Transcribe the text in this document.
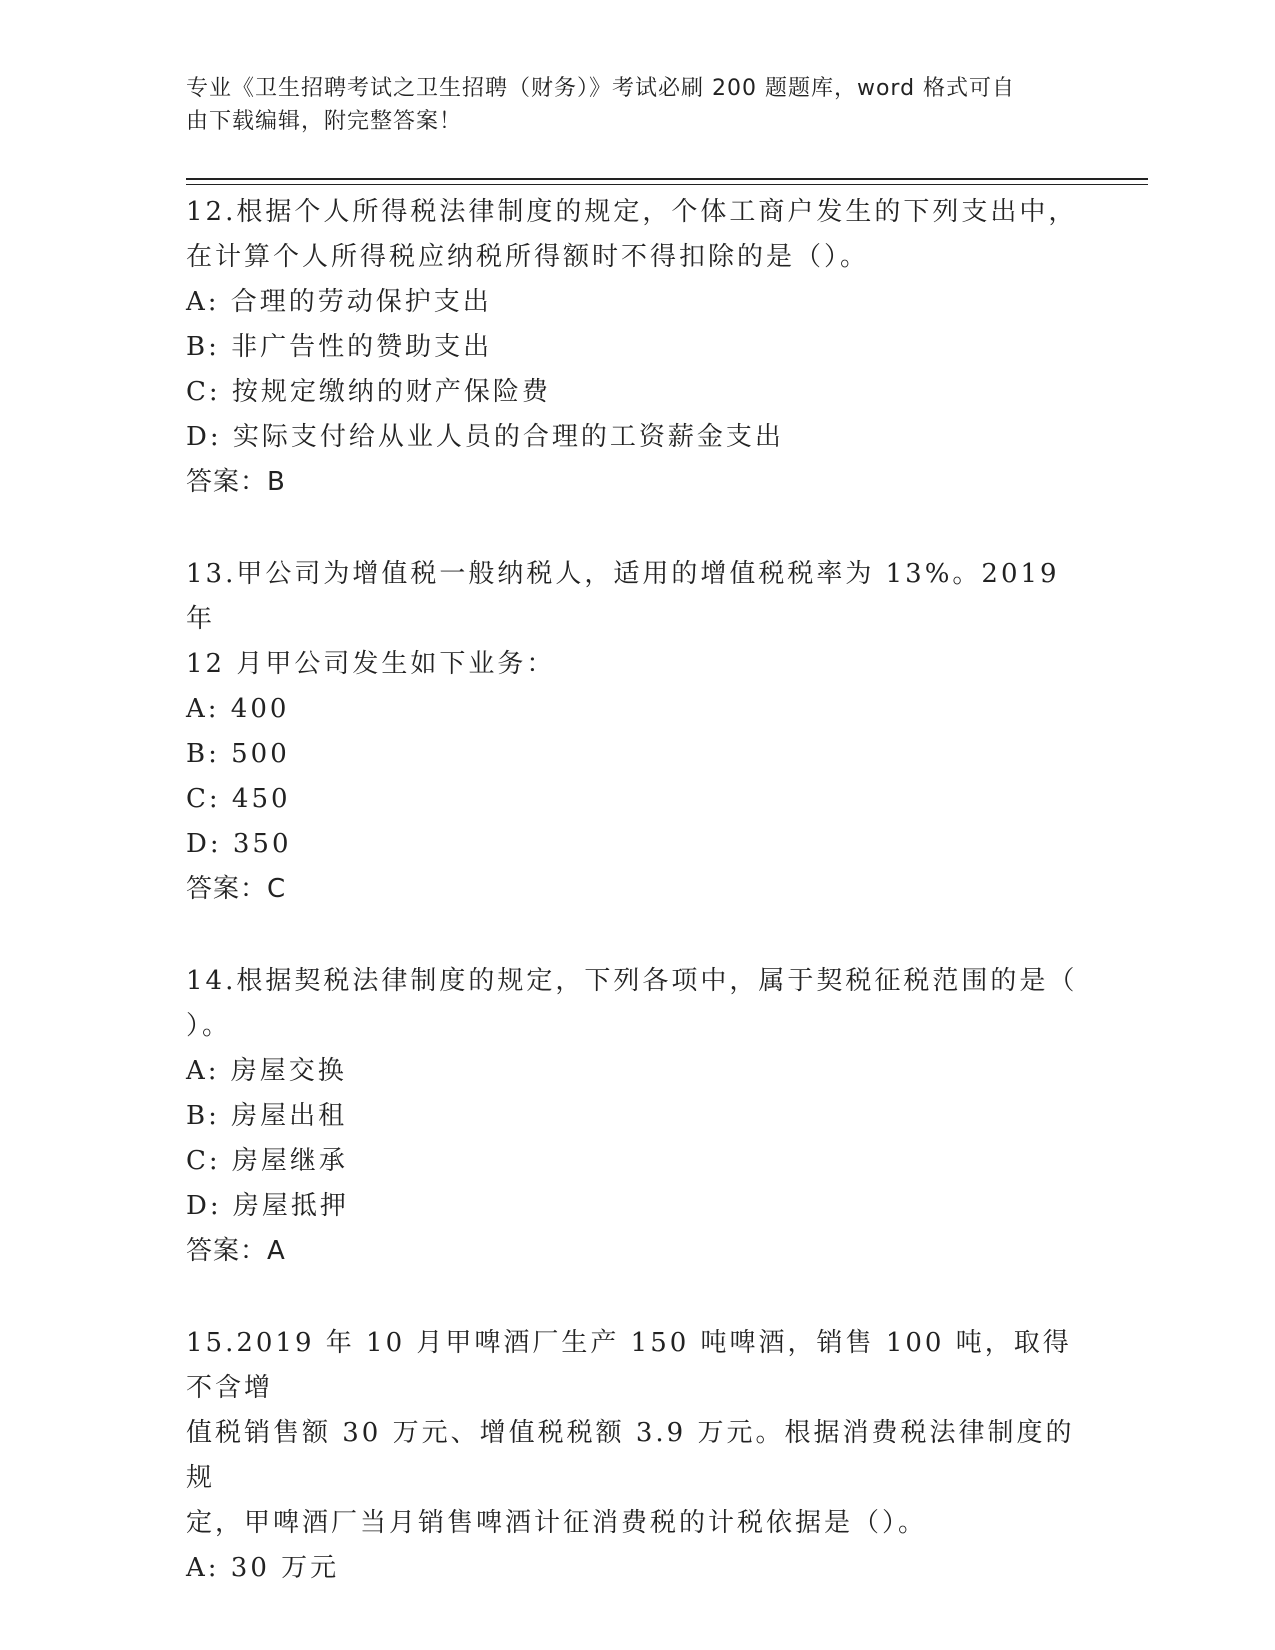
专业《卫生招聘考试之卫生招聘（财务）》考试必刷 200 题题库，word 格式可自
由下载编辑，附完整答案！
12.根据个人所得税法律制度的规定，个体工商户发生的下列支出中，
在计算个人所得税应纳税所得额时不得扣除的是（）。
A: 合理的劳动保护支出
B: 非广告性的赞助支出
C: 按规定缴纳的财产保险费
D: 实际支付给从业人员的合理的工资薪金支出
答案：B
13.甲公司为增值税一般纳税人，适用的增值税税率为 13%。2019 年
12 月甲公司发生如下业务：
A: 400
B: 500
C: 450
D: 350
答案：C
14.根据契税法律制度的规定，下列各项中，属于契税征税范围的是（
）。
A: 房屋交换
B: 房屋出租
C: 房屋继承
D: 房屋抵押
答案：A
15.2019 年 10 月甲啤酒厂生产 150 吨啤酒，销售 100 吨，取得不含增
值税销售额 30 万元、增值税税额 3.9 万元。根据消费税法律制度的规
定，甲啤酒厂当月销售啤酒计征消费税的计税依据是（）。
A: 30 万元
